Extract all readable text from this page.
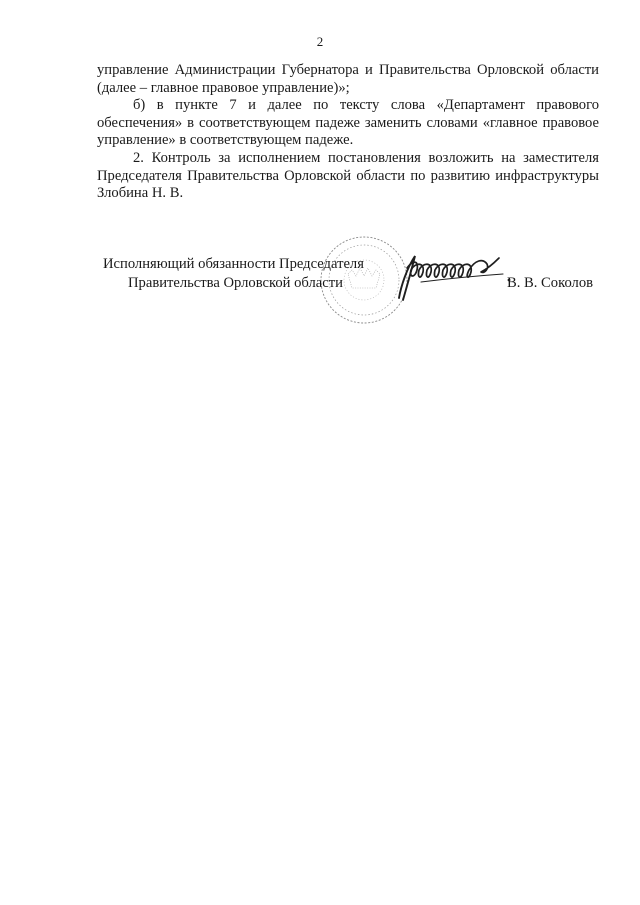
2

управление Администрации Губернатора и Правительства Орловской области (далее – главное правовое управление)»;

б) в пункте 7 и далее по тексту слова «Департамент правового обеспечения» в соответствующем падеже заменить словами «главное правовое управление» в соответствующем падеже.

2. Контроль за исполнением постановления возложить на заместителя Председателя Правительства Орловской области по развитию инфраструктуры Злобина Н. В.

Исполняющий обязанности Председателя
Правительства Орловской области	В. В. Соколов
